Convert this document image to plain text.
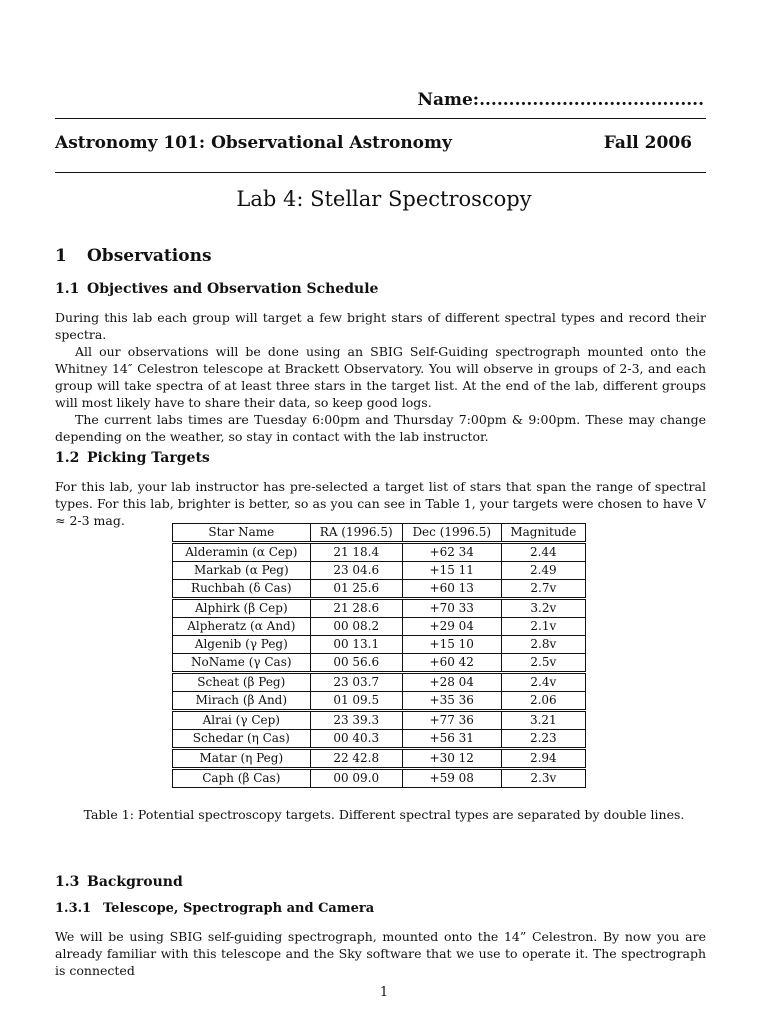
Name:......................................
Astronomy 101: Observational Astronomy	Fall 2006
Lab 4: Stellar Spectroscopy
1 Observations
1.1 Objectives and Observation Schedule

During this lab each group will target a few bright stars of different spectral types and record their spectra.

All our observations will be done using an SBIG Self-Guiding spectrograph mounted onto the Whitney 14″ Celestron telescope at Brackett Observatory. You will observe in groups of 2-3, and each group will take spectra of at least three stars in the target list. At the end of the lab, different groups will most likely have to share their data, so keep good logs.

The current labs times are Tuesday 6:00pm and Thursday 7:00pm & 9:00pm. These may change depending on the weather, so stay in contact with the lab instructor.

1.2 Picking Targets

For this lab, your lab instructor has pre-selected a target list of stars that span the range of spectral types. For this lab, brighter is better, so as you can see in Table 1, your targets were chosen to have V ≈ 2-3 mag.

Star Name	RA (1996.5)	Dec (1996.5)	Magnitude
Alderamin (α Cep)	21 18.4	+62 34	2.44
Markab (α Peg)	23 04.6	+15 11	2.49
Ruchbah (δ Cas)	01 25.6	+60 13	2.7v
Alphirk (β Cep)	21 28.6	+70 33	3.2v
Alpheratz (α And)	00 08.2	+29 04	2.1v
Algenib (γ Peg)	00 13.1	+15 10	2.8v
NoName (γ Cas)	00 56.6	+60 42	2.5v
Scheat (β Peg)	23 03.7	+28 04	2.4v
Mirach (β And)	01 09.5	+35 36	2.06
Alrai (γ Cep)	23 39.3	+77 36	3.21
Schedar (η Cas)	00 40.3	+56 31	2.23
Matar (η Peg)	22 42.8	+30 12	2.94
Caph (β Cas)	00 09.0	+59 08	2.3v
Table 1: Potential spectroscopy targets. Different spectral types are separated by double lines.
1.3 Background
1.3.1 Telescope, Spectrograph and Camera

We will be using SBIG self-guiding spectrograph, mounted onto the 14” Celestron. By now you are already familiar with this telescope and the Sky software that we use to operate it. The spectrograph is connected

1
